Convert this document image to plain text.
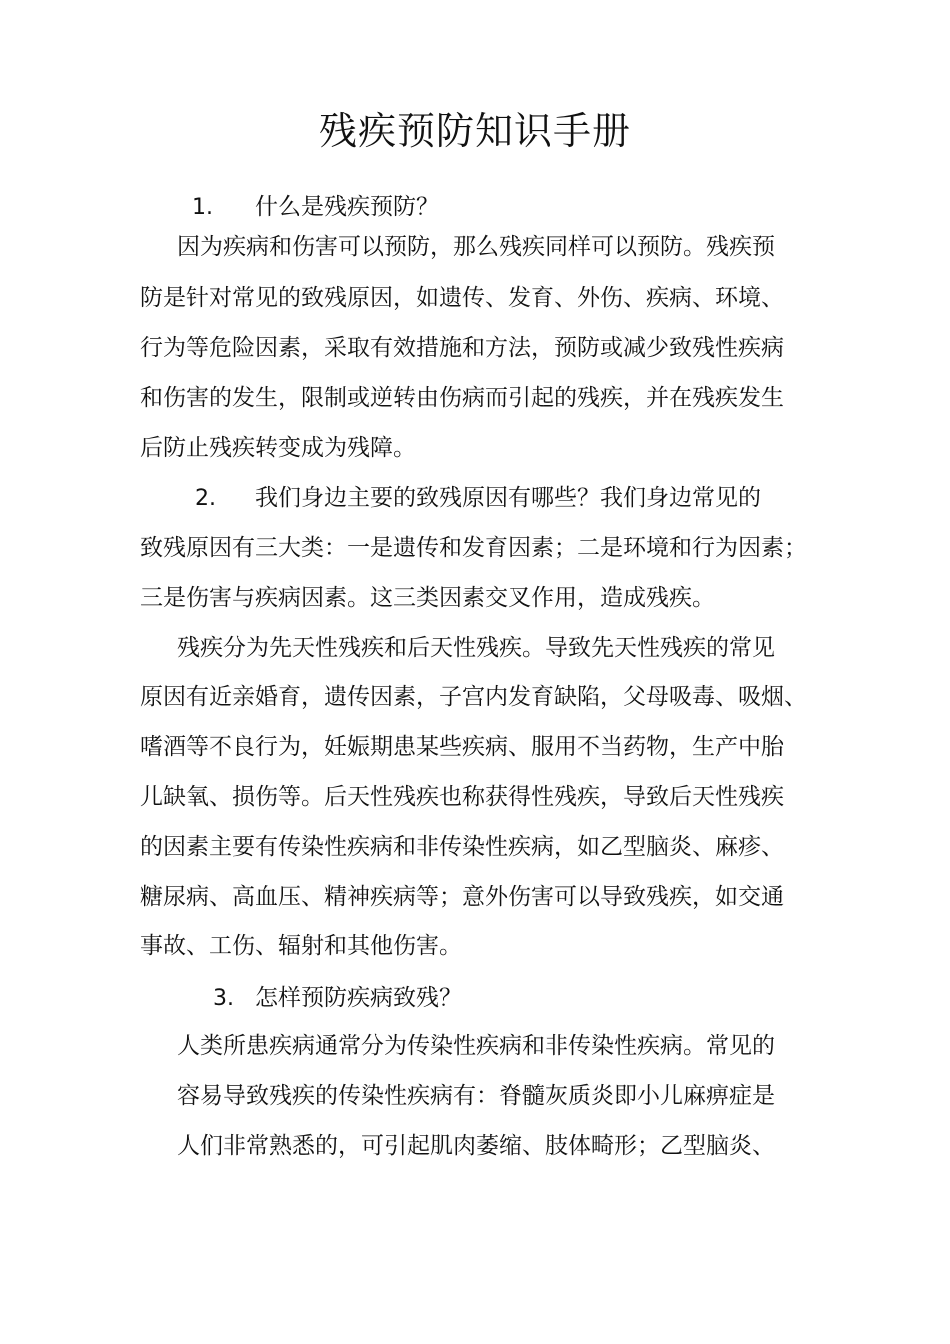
残疾预防知识手册
1. 什么是残疾预防？
因为疾病和伤害可以预防，那么残疾同样可以预防。残疾预
防是针对常见的致残原因，如遗传、发育、外伤、疾病、环境、
行为等危险因素，采取有效措施和方法，预防或减少致残性疾病
和伤害的发生，限制或逆转由伤病而引起的残疾，并在残疾发生
后防止残疾转变成为残障。
2. 我们身边主要的致残原因有哪些？我们身边常见的
致残原因有三大类：一是遗传和发育因素；二是环境和行为因素；
三是伤害与疾病因素。这三类因素交叉作用，造成残疾。
残疾分为先天性残疾和后天性残疾。导致先天性残疾的常见
原因有近亲婚育，遗传因素，子宫内发育缺陷，父母吸毒、吸烟、
嗜酒等不良行为，妊娠期患某些疾病、服用不当药物，生产中胎
儿缺氧、损伤等。后天性残疾也称获得性残疾，导致后天性残疾
的因素主要有传染性疾病和非传染性疾病，如乙型脑炎、麻疹、
糖尿病、高血压、精神疾病等；意外伤害可以导致残疾，如交通
事故、工伤、辐射和其他伤害。
3. 怎样预防疾病致残？
人类所患疾病通常分为传染性疾病和非传染性疾病。常见的
容易导致残疾的传染性疾病有：脊髓灰质炎即小儿麻痹症是
人们非常熟悉的，可引起肌肉萎缩、肢体畸形；乙型脑炎、
